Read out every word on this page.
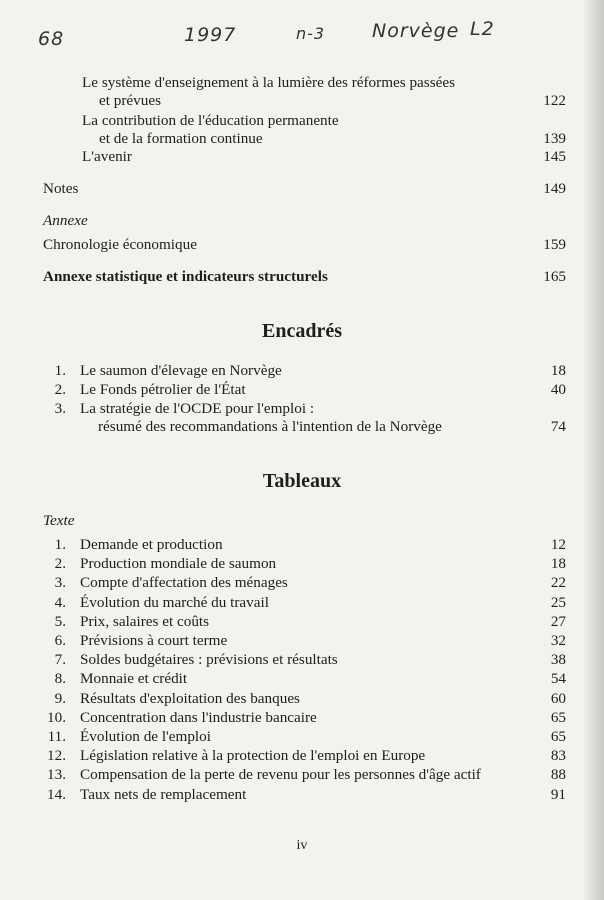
68	1997	n-3 Norvège L2
Le système d'enseignement à la lumière des réformes passées
et prévues	122
La contribution de l'éducation permanente
et de la formation continue	139
L'avenir	145
Notes	149
Annexe
Chronologie économique	159
Annexe statistique et indicateurs structurels	165
Encadrés
1. Le saumon d'élevage en Norvège	18
2. Le Fonds pétrolier de l'État	40
3. La stratégie de l'OCDE pour l'emploi :
résumé des recommandations à l'intention de la Norvège	74
Tableaux
Texte
1. Demande et production	12
2. Production mondiale de saumon	18
3. Compte d'affectation des ménages	22
4. Évolution du marché du travail	25
5. Prix, salaires et coûts	27
6. Prévisions à court terme	32
7. Soldes budgétaires : prévisions et résultats	38
8. Monnaie et crédit	54
9. Résultats d'exploitation des banques	60
10. Concentration dans l'industrie bancaire	65
11. Évolution de l'emploi	65
12. Législation relative à la protection de l'emploi en Europe	83
13. Compensation de la perte de revenu pour les personnes d'âge actif	88
14. Taux nets de remplacement	91
iv
